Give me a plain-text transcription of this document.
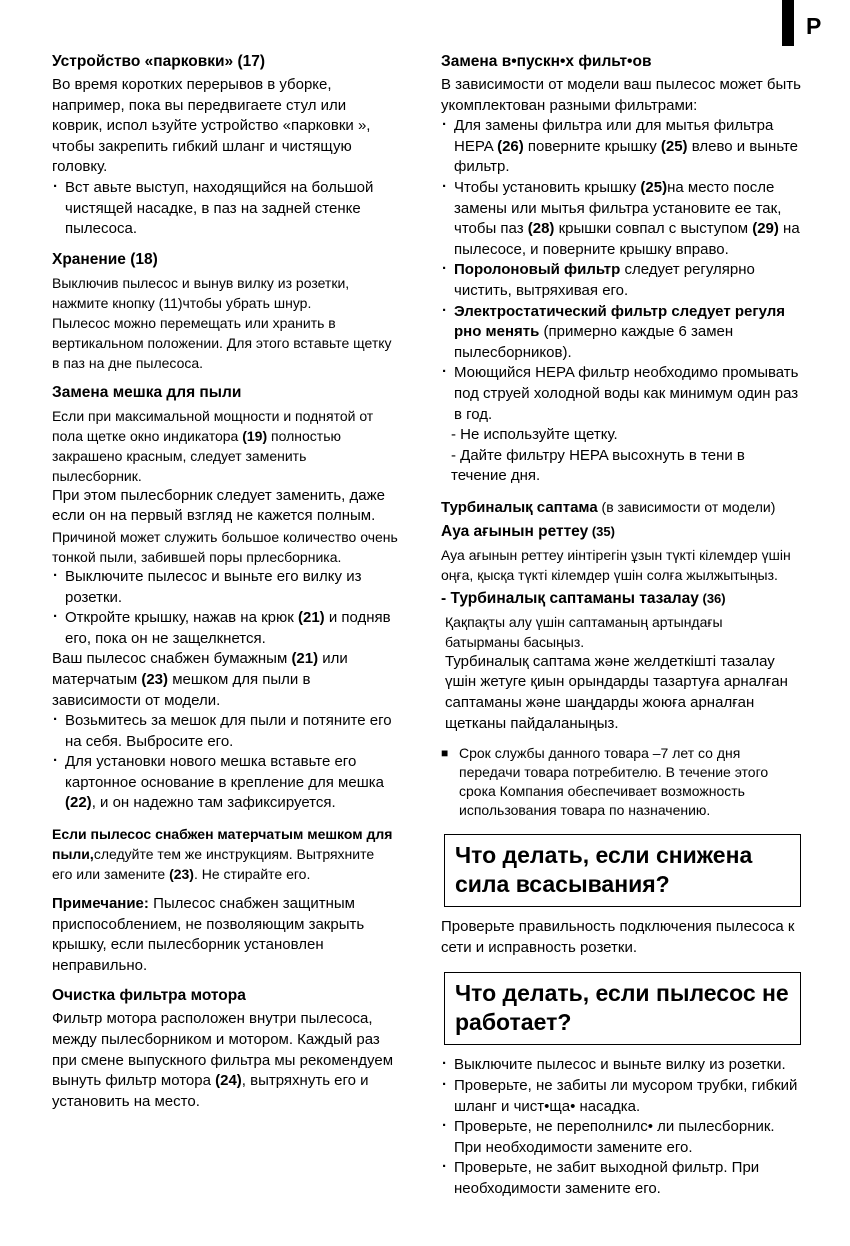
P
Устройство «парковки» (17)

Во время коротких перерывов в уборке, например, пока вы передвигаете стул или коврик, испол ьзуйте устройство «парковки », чтобы закрепить гибкий шланг и чистящую головку.

· Вст авьте выступ, находящийся на большой чистящей насадке, в паз на задней стенке пылесоса.

Хранение (18)

Выключив пылесос и вынув вилку из розетки, нажмите кнопку (11)чтобы убрать шнур.

Пылесос можно перемещать или хранить в вертикальном положении. Для этого вставьте щетку в паз на дне пылесоса.

Замена мешка для пыли

Если при максимальной мощности и поднятой от пола щетке окно индикатора (19) полностью закрашено красным, следует заменить пылесборник.

При этом пылесборник следует заменить, даже если он на первый взгляд не кажется полным.

Причиной может служить большое количество очень тонкой пыли, забившей поры прлесборника.

· Выключите пылесос и выньте его вилку из розетки.

· Откройте крышку, нажав на крюк (21) и подняв его, пока он не защелкнется.

Ваш пылесос снабжен бумажным (21) или матерчатым (23) мешком для пыли в зависимости от модели.

· Возьмитесь за мешок для пыли и потяните его на себя. Выбросите его.

· Для установки нового мешка вставьте его картонное основание в крепление для мешка (22), и он надежно там зафиксируется.

Если пылесос снабжен матерчатым мешком для пыли,следуйте тем же инструкциям. Вытряхните его или замените (23). Не стирайте его.

Примечание: Пылесос снабжен защитным приспособлением, не позволяющим закрыть крышку, если пылесборник установлен неправильно.

Очистка фильтра мотора

Фильтр мотора расположен внутри пылесоса, между пылесборником и мотором. Каждый раз при смене выпускного фильтра мы рекомендуем вынуть фильтр мотора (24), вытряхнуть его и установить на место.

Замена в•пускн•х фильт•ов

В зависимости от модели ваш пылесос может быть укомплектован разными фильтрами:

· Для замены фильтра или для мытья фильтра HEPA (26) поверните крышку (25) влево и выньте фильтр.

· Чтобы установить крышку (25)на место после замены или мытья фильтра установите ее так, чтобы паз (28) крышки совпал с выступом (29) на пылесосе, и поверните крышку вправо.

· Поролоновый фильтр следует регулярно чистить, вытряхивая его.

· Электростатический фильтр следует регуля рно менять (примерно каждые 6 замен пылесборников).

· Моющийся HEPA фильтр необходимо промывать под струей холодной воды как минимум один раз в год.

- Не используйте щетку.

- Дайте фильтру HEPA высохнуть в тени в течение дня.

Турбиналық саптама (в зависимости от модели)

Ауа ағынын реттеу (35)

Ауа ағынын реттеу иінтірегін ұзын түкті кілемдер үшін оңға, қысқа түкті кілемдер үшін солға жылжытыңыз.

- Турбиналық саптаманы тазалау (36)

Қақпақты алу үшін саптаманың артындағы батырманы басыңыз.

Турбиналық саптама және желдеткішті тазалау үшін жетуге қиын орындарды тазартуға арналған саптаманы және шаңдарды жоюға арналған щетканы пайдаланыңыз.

■ Срок службы данного товара –7 лет со дня передачи товара потребителю. В течение этого срока Компания обеспечивает возможность использования товара по назначению.

Что делать, если снижена сила всасывания?

Проверьте правильность подключения пылесоса к сети и исправность розетки.

Что делать, если пылесос не работает?

· Выключите пылесос и выньте вилку из розетки.

· Проверьте, не забиты ли мусором трубки, гибкий шланг и чист•ща• насадка.

· Проверьте, не переполнилс• ли пылесборник. При необходимости замените его.

· Проверьте, не забит выходной фильтр. При необходимости замените его.
